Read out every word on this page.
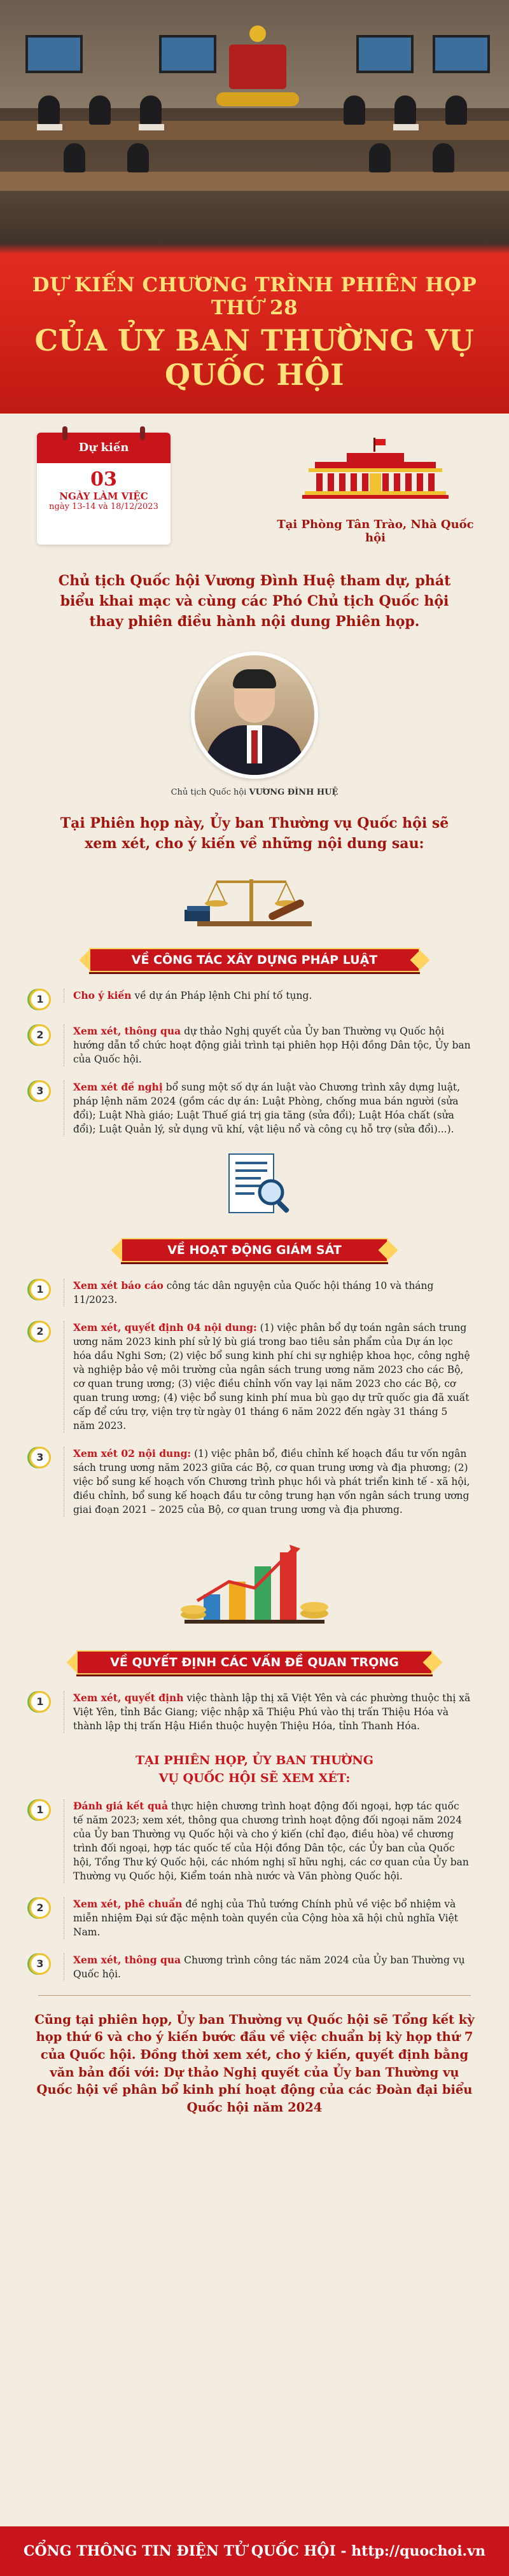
DỰ KIẾN CHƯƠNG TRÌNH PHIÊN HỌP THỨ 28
CỦA ỦY BAN THƯỜNG VỤ QUỐC HỘI
Dự kiến
03
NGÀY LÀM VIỆC
ngày 13-14 và 18/12/2023
Tại Phòng Tân Trào, Nhà Quốc hội
Chủ tịch Quốc hội Vương Đình Huệ tham dự, phát biểu khai mạc và cùng các Phó Chủ tịch Quốc hội thay phiên điều hành nội dung Phiên họp.
Chủ tịch Quốc hội VƯƠNG ĐÌNH HUỆ
Tại Phiên họp này, Ủy ban Thường vụ Quốc hội sẽ xem xét, cho ý kiến về những nội dung sau:
VỀ CÔNG TÁC XÂY DỰNG PHÁP LUẬT
1	Cho ý kiến về dự án Pháp lệnh Chi phí tố tụng.
2	Xem xét, thông qua dự thảo Nghị quyết của Ủy ban Thường vụ Quốc hội hướng dẫn tổ chức hoạt động giải trình tại phiên họp Hội đồng Dân tộc, Ủy ban của Quốc hội.
3	Xem xét đề nghị bổ sung một số dự án luật vào Chương trình xây dựng luật, pháp lệnh năm 2024 (gồm các dự án: Luật Phòng, chống mua bán người (sửa đổi); Luật Nhà giáo; Luật Thuế giá trị gia tăng (sửa đổi); Luật Hóa chất (sửa đổi); Luật Quản lý, sử dụng vũ khí, vật liệu nổ và công cụ hỗ trợ (sửa đổi)...).
VỀ HOẠT ĐỘNG GIÁM SÁT
1	Xem xét báo cáo công tác dân nguyện của Quốc hội tháng 10 và tháng 11/2023.
2	Xem xét, quyết định 04 nội dung: (1) việc phân bổ dự toán ngân sách trung ương năm 2023 kinh phí sử lý bù giá trong bao tiêu sản phẩm của Dự án lọc hóa dầu Nghi Sơn; (2) việc bổ sung kinh phí chi sự nghiệp khoa học, công nghệ và nghiệp bảo vệ môi trường của ngân sách trung ương năm 2023 cho các Bộ, cơ quan trung ương; (3) việc điều chỉnh vốn vay lại năm 2023 cho các Bộ, cơ quan trung ương; (4) việc bổ sung kinh phí mua bù gạo dự trữ quốc gia đã xuất cấp để cứu trợ, viện trợ từ ngày 01 tháng 6 năm 2022 đến ngày 31 tháng 5 năm 2023.
3	Xem xét 02 nội dung: (1) việc phân bổ, điều chỉnh kế hoạch đầu tư vốn ngân sách trung ương năm 2023 giữa các Bộ, cơ quan trung ương và địa phương; (2) việc bổ sung kế hoạch vốn Chương trình phục hồi và phát triển kinh tế - xã hội, điều chỉnh, bổ sung kế hoạch đầu tư công trung hạn vốn ngân sách trung ương giai đoạn 2021 – 2025 của Bộ, cơ quan trung ương và địa phương.
VỀ QUYẾT ĐỊNH CÁC VẤN ĐỀ QUAN TRỌNG
1	Xem xét, quyết định việc thành lập thị xã Việt Yên và các phường thuộc thị xã Việt Yên, tỉnh Bắc Giang; việc nhập xã Thiệu Phú vào thị trấn Thiệu Hóa và thành lập thị trấn Hậu Hiền thuộc huyện Thiệu Hóa, tỉnh Thanh Hóa.
TẠI PHIÊN HỌP, ỦY BAN THƯỜNG VỤ QUỐC HỘI SẼ XEM XÉT:
1	Đánh giá kết quả thực hiện chương trình hoạt động đối ngoại, hợp tác quốc tế năm 2023; xem xét, thông qua chương trình hoạt động đối ngoại năm 2024 của Ủy ban Thường vụ Quốc hội và cho ý kiến (chỉ đạo, điều hòa) về chương trình đối ngoại, hợp tác quốc tế của Hội đồng Dân tộc, các Ủy ban của Quốc hội, Tổng Thư ký Quốc hội, các nhóm nghị sĩ hữu nghị, các cơ quan của Ủy ban Thường vụ Quốc hội, Kiểm toán nhà nước và Văn phòng Quốc hội.
2	Xem xét, phê chuẩn đề nghị của Thủ tướng Chính phủ về việc bổ nhiệm và miễn nhiệm Đại sứ đặc mệnh toàn quyền của Cộng hòa xã hội chủ nghĩa Việt Nam.
3	Xem xét, thông qua Chương trình công tác năm 2024 của Ủy ban Thường vụ Quốc hội.
Cũng tại phiên họp, Ủy ban Thường vụ Quốc hội sẽ Tổng kết kỳ họp thứ 6 và cho ý kiến bước đầu về việc chuẩn bị kỳ họp thứ 7 của Quốc hội. Đồng thời xem xét, cho ý kiến, quyết định bằng văn bản đối với: Dự thảo Nghị quyết của Ủy ban Thường vụ Quốc hội về phân bổ kinh phí hoạt động của các Đoàn đại biểu Quốc hội năm 2024
CỔNG THÔNG TIN ĐIỆN TỬ QUỐC HỘI - http://quochoi.vn
